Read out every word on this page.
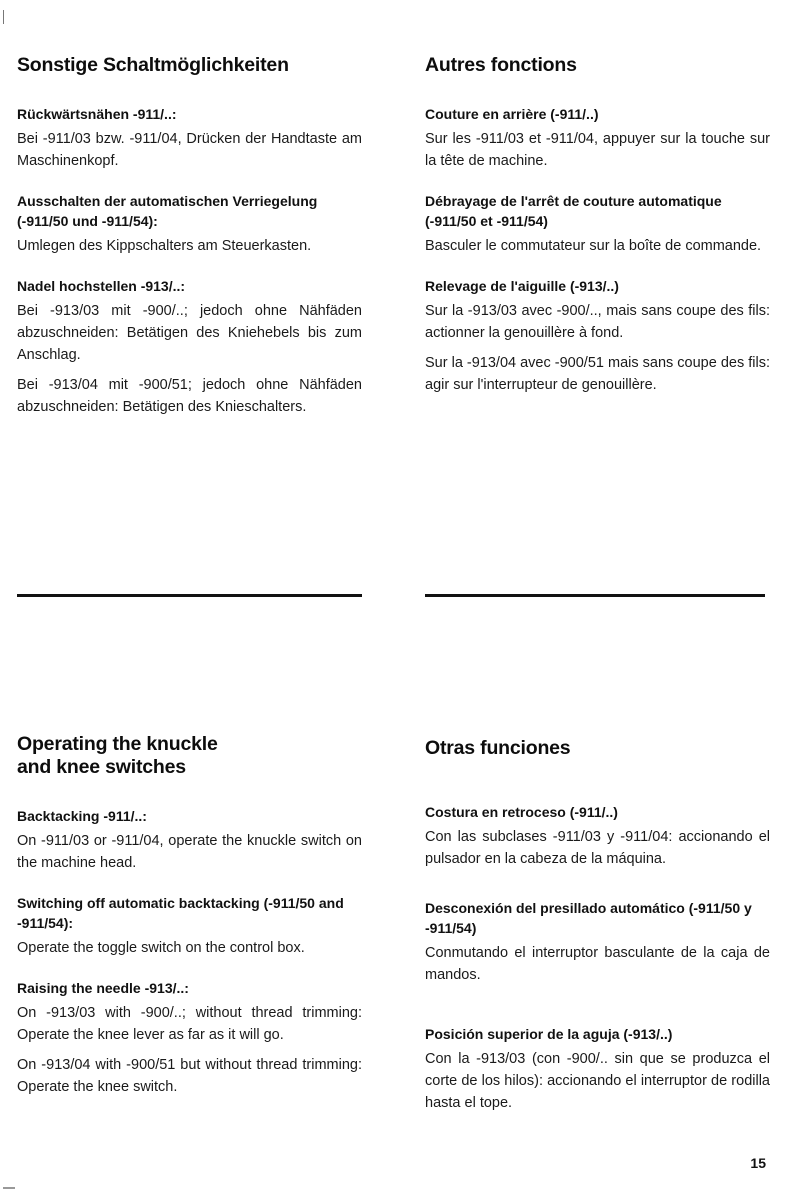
Sonstige Schaltmöglichkeiten
Rückwärtsnähen -911/..:

Bei -911/03 bzw. -911/04, Drücken der Handtaste am Maschinenkopf.

Ausschalten der automatischen Verriegelung (-911/50 und -911/54):

Umlegen des Kippschalters am Steuerkasten.

Nadel hochstellen -913/..:

Bei -913/03 mit -900/..; jedoch ohne Nähfäden abzuschneiden: Betätigen des Kniehebels bis zum Anschlag.

Bei -913/04 mit -900/51; jedoch ohne Nähfäden abzuschneiden: Betätigen des Knieschalters.

Autres fonctions
Couture en arrière (-911/..)

Sur les -911/03 et -911/04, appuyer sur la touche sur la tête de machine.

Débrayage de l'arrêt de couture automatique (-911/50 et -911/54)

Basculer le commutateur sur la boîte de commande.

Relevage de l'aiguille (-913/..)

Sur la -913/03 avec -900/.., mais sans coupe des fils: actionner la genouillère à fond.

Sur la -913/04 avec -900/51 mais sans coupe des fils: agir sur l'interrupteur de genouillère.

Operating the knuckle
and knee switches
Backtacking -911/..:

On -911/03 or -911/04, operate the knuckle switch on the machine head.

Switching off automatic backtacking (-911/50 and -911/54):

Operate the toggle switch on the control box.

Raising the needle -913/..:

On -913/03 with -900/..; without thread trimming: Operate the knee lever as far as it will go.

On -913/04 with -900/51 but without thread trimming: Operate the knee switch.

Otras funciones
Costura en retroceso (-911/..)

Con las subclases -911/03 y -911/04: accionando el pulsador en la cabeza de la máquina.

Desconexión del presillado automático (-911/50 y -911/54)

Conmutando el interruptor basculante de la caja de mandos.

Posición superior de la aguja (-913/..)

Con la -913/03 (con -900/.. sin que se produzca el corte de los hilos): accionando el interruptor de rodilla hasta el tope.

15
